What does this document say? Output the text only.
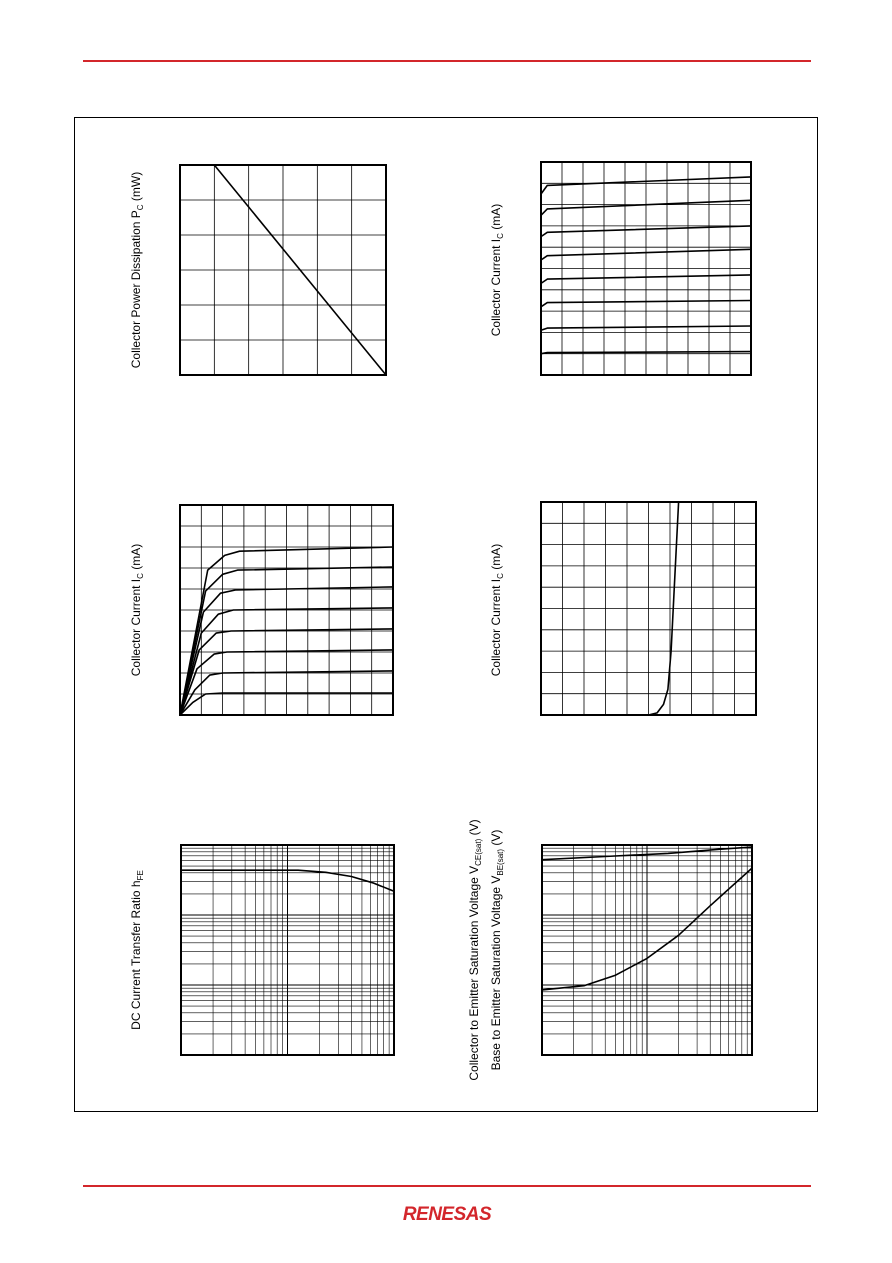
Collector Power Dissipation $P_C$ (mW)
Collector Current $I_C$ (mA)
DC Current Transfer Ratio $h_{FE}$
Collector Current $I_C$ (mA)
Collector Current $I_C$ (mA)
Collector to Emitter Saturation Voltage $V_{CE(sat)}$ (V)
Base to Emitter Saturation Voltage $V_{BE(sat)}$ (V)
RENESAS
